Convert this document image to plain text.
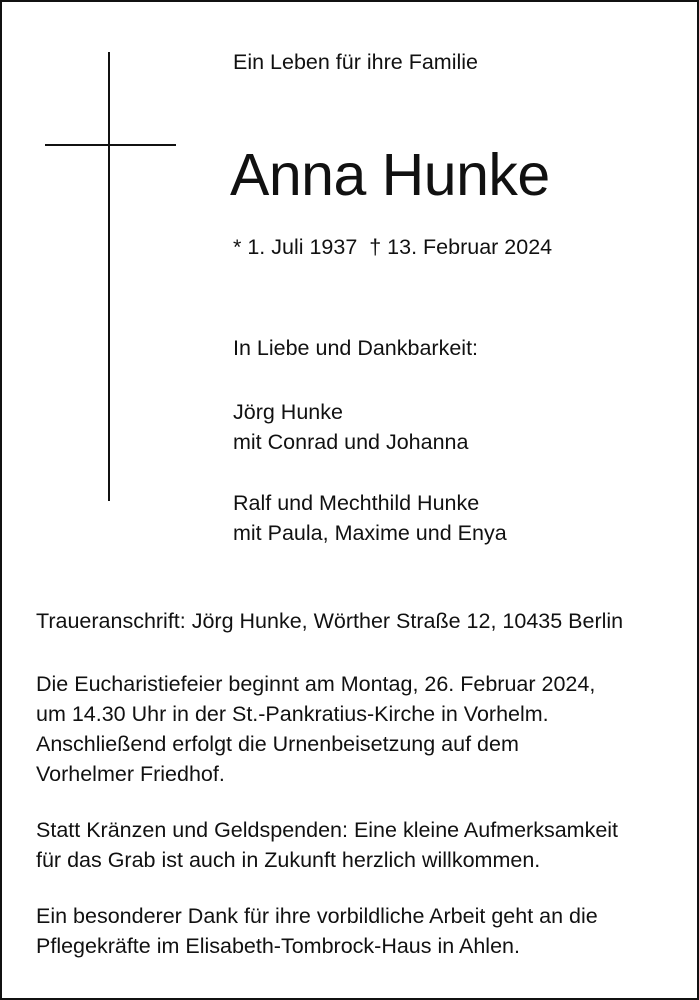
Ein Leben für ihre Familie

Anna Hunke

* 1. Juli 1937  † 13. Februar 2024

In Liebe und Dankbarkeit:

Jörg Hunke
mit Conrad und Johanna
Ralf und Mechthild Hunke
mit Paula, Maxime und Enya

Traueranschrift: Jörg Hunke, Wörther Straße 12, 10435 Berlin

Die Eucharistiefeier beginnt am Montag, 26. Februar 2024,
um 14.30 Uhr in der St.-Pankratius-Kirche in Vorhelm.
Anschließend erfolgt die Urnenbeisetzung auf dem
Vorhelmer Friedhof.
Statt Kränzen und Geldspenden: Eine kleine Aufmerksamkeit
für das Grab ist auch in Zukunft herzlich willkommen.
Ein besonderer Dank für ihre vorbildliche Arbeit geht an die
Pflegekräfte im Elisabeth-Tombrock-Haus in Ahlen.
